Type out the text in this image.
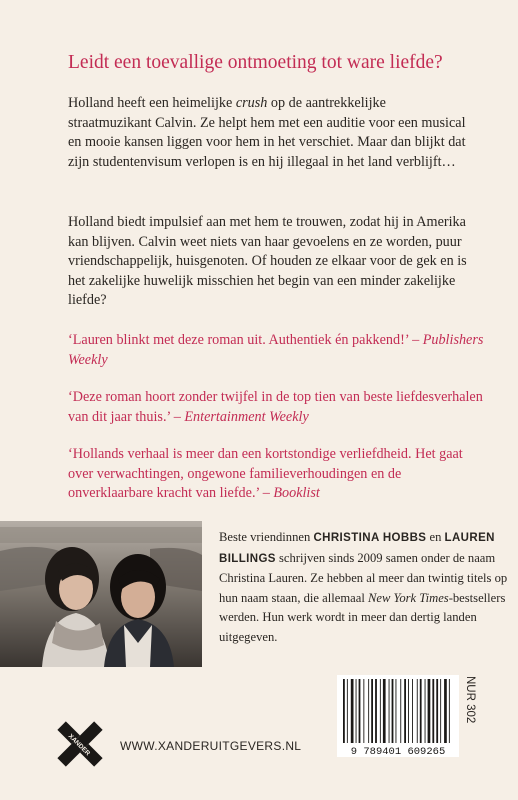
Leidt een toevallige ontmoeting tot ware liefde?

Holland heeft een heimelijke crush op de aantrekkelijke straatmuzikant Calvin. Ze helpt hem met een auditie voor een musical en mooie kansen liggen voor hem in het verschiet. Maar dan blijkt dat zijn studentenvisum verlopen is en hij illegaal in het land verblijft…

Holland biedt impulsief aan met hem te trouwen, zodat hij in Amerika kan blijven. Calvin weet niets van haar gevoelens en ze worden, puur vriendschappelijk, huisgenoten. Of houden ze elkaar voor de gek en is het zakelijke huwelijk misschien het begin van een minder zakelijke liefde?

‘Lauren blinkt met deze roman uit. Authentiek én pakkend!’ – Publishers Weekly

‘Deze roman hoort zonder twijfel in de top tien van beste liefdesverhalen van dit jaar thuis.’ – Entertainment Weekly

‘Hollands verhaal is meer dan een kortstondige verliefdheid. Het gaat over verwachtingen, ongewone familieverhoudingen en de onverklaarbare kracht van liefde.’ – Booklist

Beste vriendinnen CHRISTINA HOBBS en LAUREN BILLINGS schrijven sinds 2009 samen onder de naam Christina Lauren. Ze hebben al meer dan twintig titels op hun naam staan, die allemaal New York Times-bestsellers werden. Hun werk wordt in meer dan dertig landen uitgegeven.

XANDER WWW.XANDERUITGEVERS.NL	9 789401 609265
NUR 302
